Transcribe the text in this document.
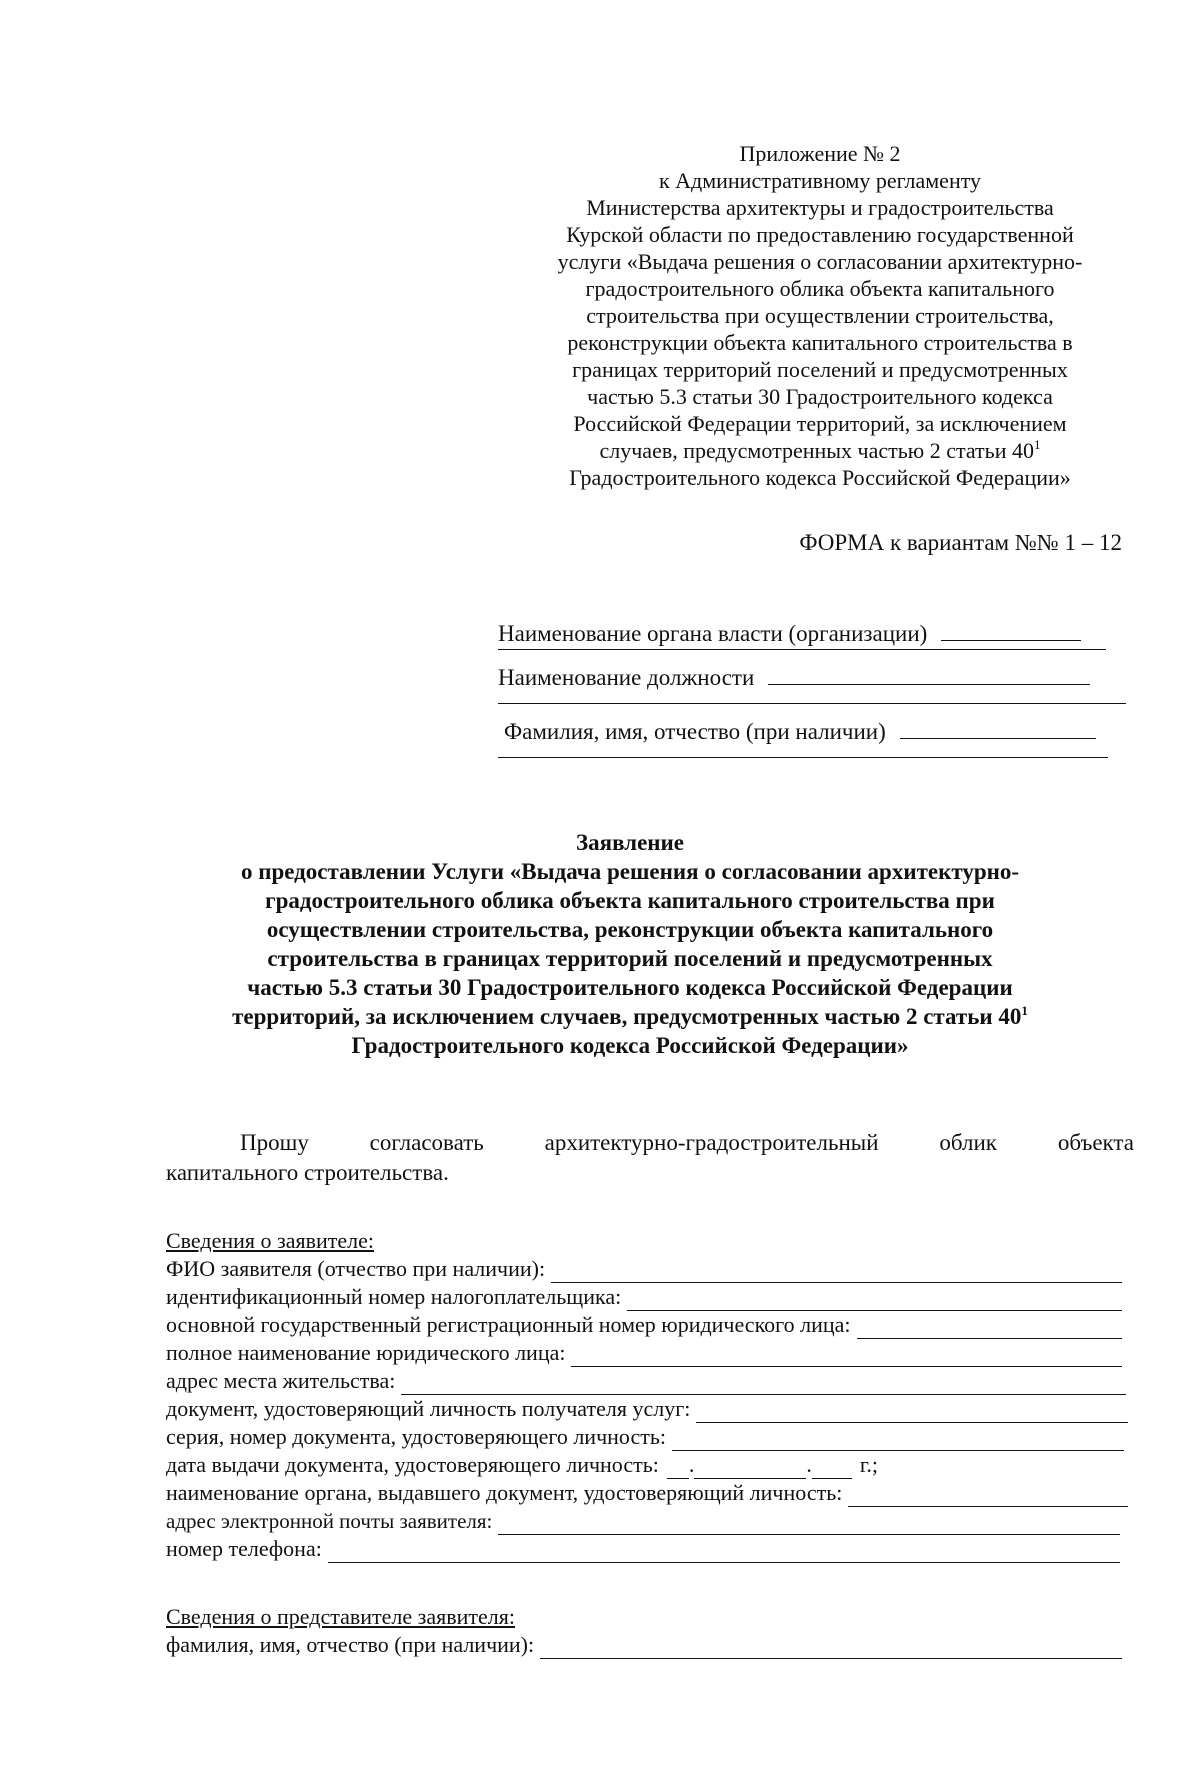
Приложение № 2
к Административному регламенту
Министерства архитектуры и градостроительства
Курской области по предоставлению государственной
услуги «Выдача решения о согласовании архитектурно-
градостроительного облика объекта капитального
строительства при осуществлении строительства,
реконструкции объекта капитального строительства в
границах территорий поселений и предусмотренных
частью 5.3 статьи 30 Градостроительного кодекса
Российской Федерации территорий, за исключением
случаев, предусмотренных частью 2 статьи $40^1$
Градостроительного кодекса Российской Федерации»
ФОРМА к вариантам №№ 1 – 12
Наименование органа власти (организации)
Наименование должности
Фамилия, имя, отчество (при наличии)
Заявление
о предоставлении Услуги «Выдача решения о согласовании архитектурно-
градостроительного облика объекта капитального строительства при
осуществлении строительства, реконструкции объекта капитального
строительства в границах территорий поселений и предусмотренных
частью 5.3 статьи 30 Градостроительного кодекса Российской Федерации
территорий, за исключением случаев, предусмотренных частью 2 статьи $40^1$
Градостроительного кодекса Российской Федерации»
Прошу	согласовать	архитектурно-градостроительный	облик	объекта
капитального строительства.
Сведения о заявителе:
ФИО заявителя (отчество при наличии):
идентификационный номер налогоплательщика:
основной государственный регистрационный номер юридического лица:
полное наименование юридического лица:
адрес места жительства:
документ, удостоверяющий личность получателя услуг:
серия, номер документа, удостоверяющего личность:
дата выдачи документа, удостоверяющего личность: .	. г.;
наименование органа, выдавшего документ, удостоверяющий личность:
адрес электронной почты заявителя:
номер телефона:
Сведения о представителе заявителя:
фамилия, имя, отчество (при наличии):
